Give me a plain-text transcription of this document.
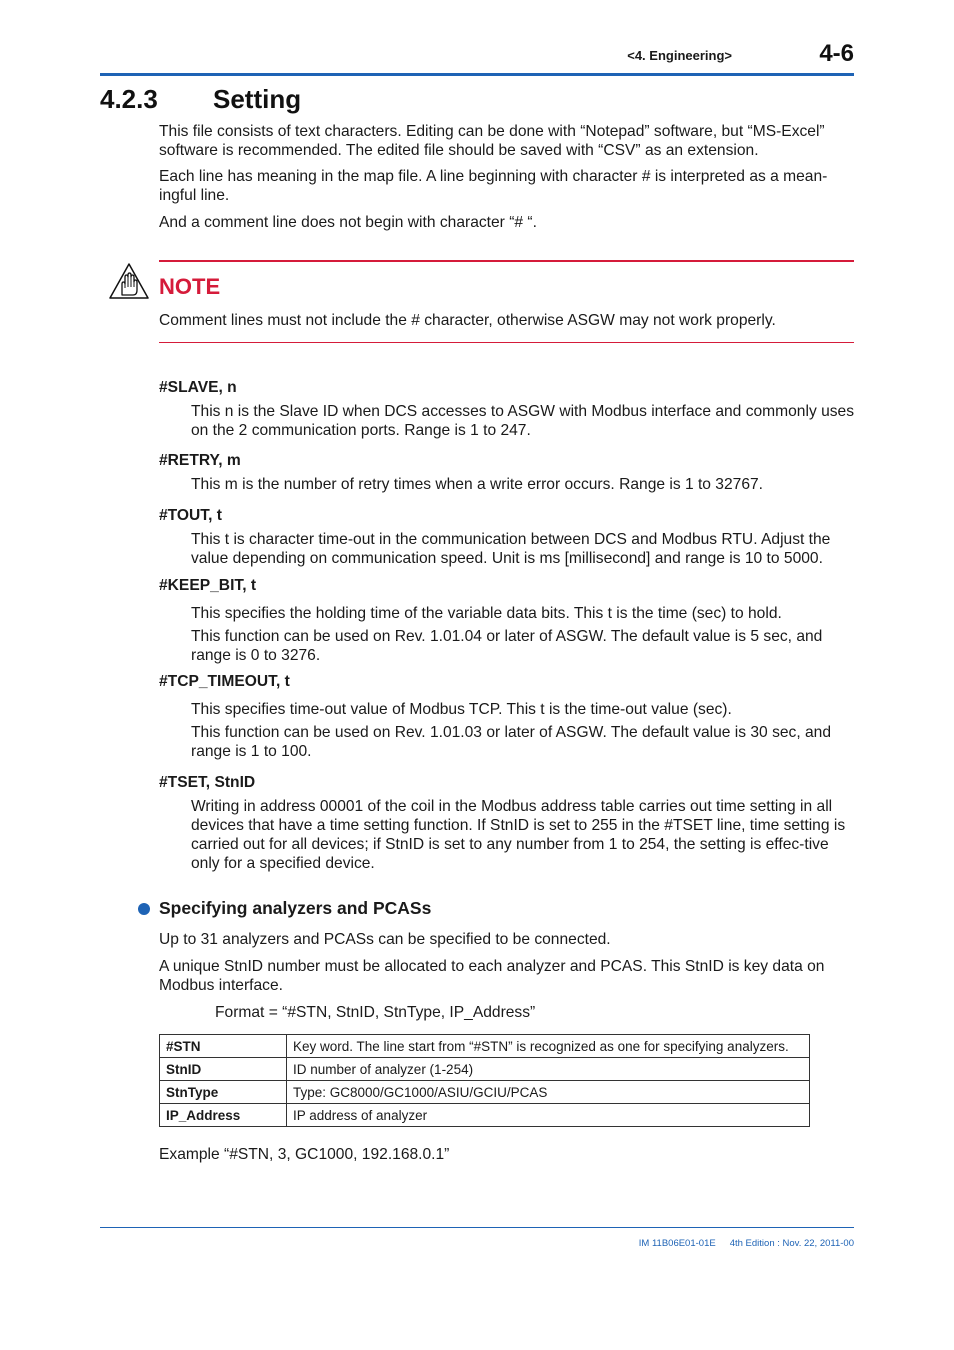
<4. Engineering>	4-6
4.2.3 Setting
This file consists of text characters. Editing can be done with “Notepad” software, but “MS-Excel” software is recommended. The edited file should be saved with “CSV” as an extension.
Each line has meaning in the map file. A line beginning with character # is interpreted as a mean-ingful line.
And a comment line does not begin with character “# “.
NOTE
Comment lines must not include the # character, otherwise ASGW may not work properly.
#SLAVE, n
This n is the Slave ID when DCS accesses to ASGW with Modbus interface and commonly uses on the 2 communication ports. Range is 1 to 247.
#RETRY, m
This m is the number of retry times when a write error occurs. Range is 1 to 32767.
#TOUT, t
This t is character time-out in the communication between DCS and Modbus RTU. Adjust the value depending on communication speed. Unit is ms [millisecond] and range is 10 to 5000.
#KEEP_BIT, t
This specifies the holding time of the variable data bits. This t is the time (sec) to hold.
This function can be used on Rev. 1.01.04 or later of ASGW. The default value is 5 sec, and range is 0 to 3276.
#TCP_TIMEOUT, t
This specifies time-out value of Modbus TCP. This t is the time-out value (sec).
This function can be used on Rev. 1.01.03 or later of ASGW. The default value is 30 sec, and range is 1 to 100.
#TSET, StnID
Writing in address 00001 of the coil in the Modbus address table carries out time setting in all devices that have a time setting function. If StnID is set to 255 in the #TSET line, time setting is carried out for all devices; if StnID is set to any number from 1 to 254, the setting is effec-tive only for a specified device.
Specifying analyzers and PCASs
Up to 31 analyzers and PCASs can be specified to be connected.
A unique StnID number must be allocated to each analyzer and PCAS. This StnID is key data on Modbus interface.
Format = “#STN, StnID, StnType, IP_Address”
#STN	Key word. The line start from “#STN” is recognized as one for specifying analyzers.
StnID	ID number of analyzer (1-254)
StnType	Type: GC8000/GC1000/ASIU/GCIU/PCAS
IP_Address	IP address of analyzer
Example “#STN, 3, GC1000, 192.168.0.1”
IM 11B06E01-01E 4th Edition : Nov. 22, 2011-00
